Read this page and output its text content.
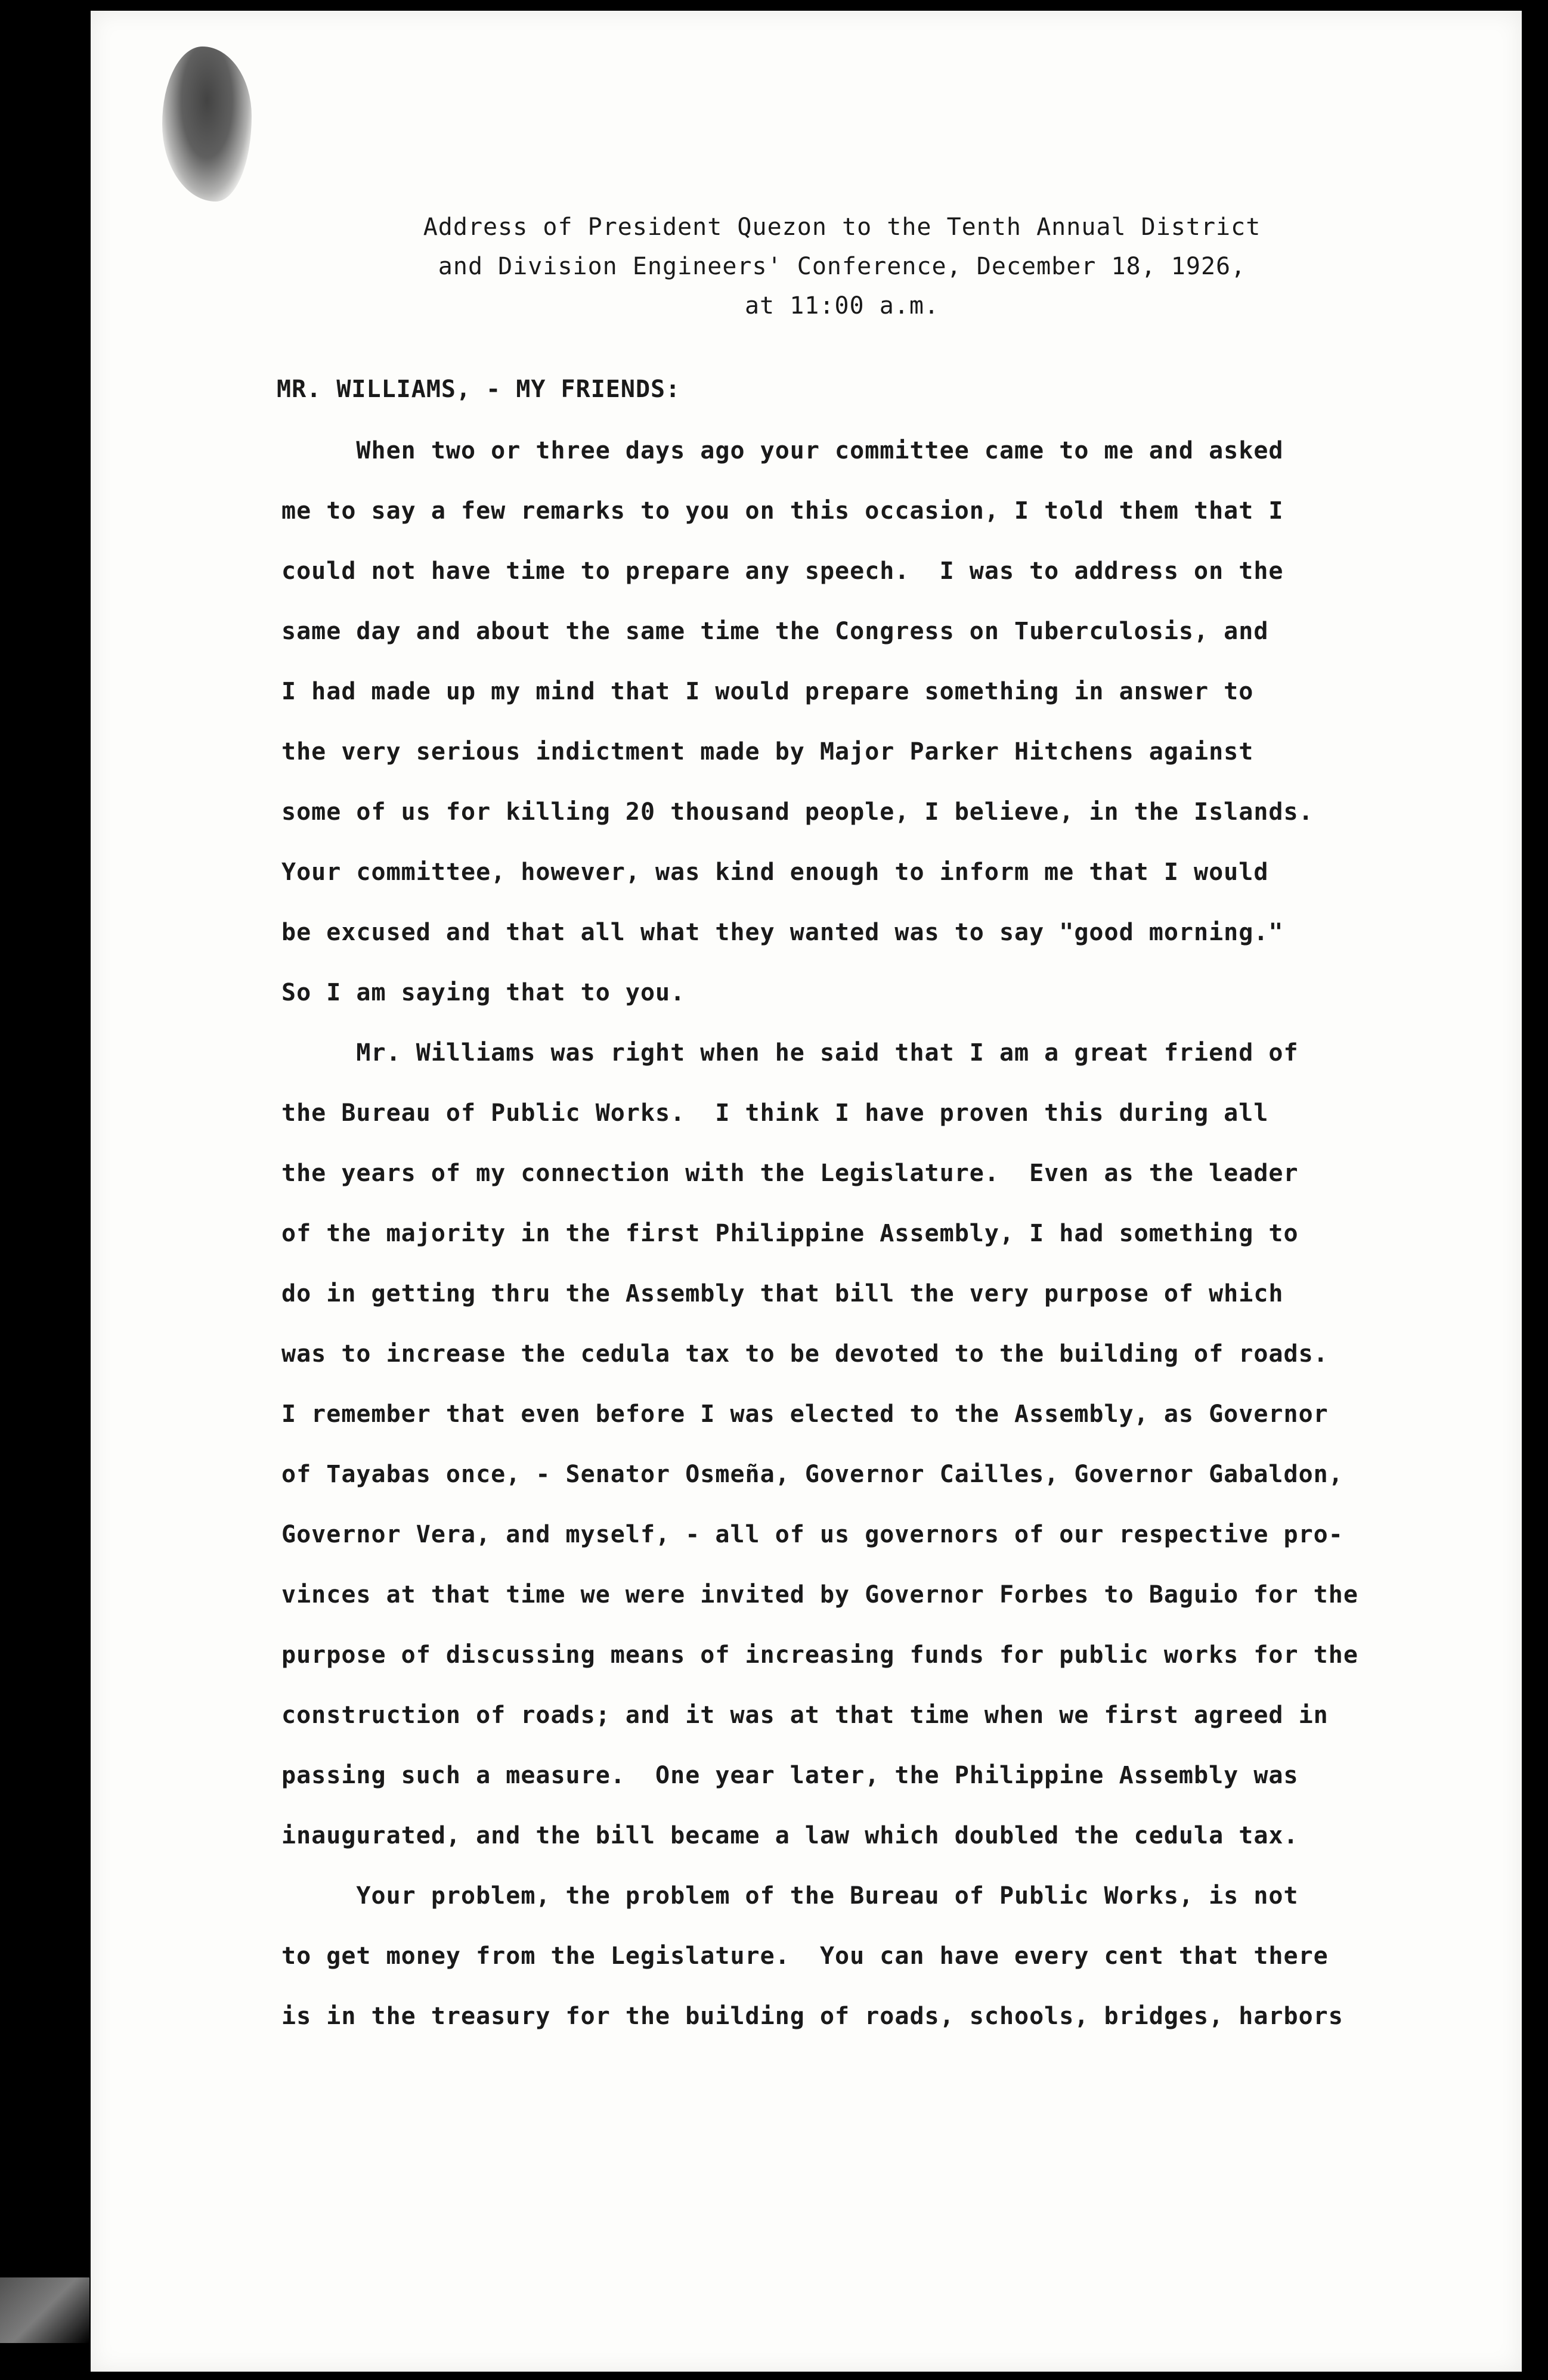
Address of President Quezon to the Tenth Annual District
and Division Engineers' Conference, December 18, 1926,
at 11:00 a.m.
MR. WILLIAMS, - MY FRIENDS:
When two or three days ago your committee came to me and asked
me to say a few remarks to you on this occasion, I told them that I
could not have time to prepare any speech.  I was to address on the
same day and about the same time the Congress on Tuberculosis, and
I had made up my mind that I would prepare something in answer to
the very serious indictment made by Major Parker Hitchens against
some of us for killing 20 thousand people, I believe, in the Islands.
Your committee, however, was kind enough to inform me that I would
be excused and that all what they wanted was to say "good morning."
So I am saying that to you.
Mr. Williams was right when he said that I am a great friend of
the Bureau of Public Works.  I think I have proven this during all
the years of my connection with the Legislature.  Even as the leader
of the majority in the first Philippine Assembly, I had something to
do in getting thru the Assembly that bill the very purpose of which
was to increase the cedula tax to be devoted to the building of roads.
I remember that even before I was elected to the Assembly, as Governor
of Tayabas once, - Senator Osmeña, Governor Cailles, Governor Gabaldon,
Governor Vera, and myself, - all of us governors of our respective pro-
vinces at that time we were invited by Governor Forbes to Baguio for the
purpose of discussing means of increasing funds for public works for the
construction of roads; and it was at that time when we first agreed in
passing such a measure.  One year later, the Philippine Assembly was
inaugurated, and the bill became a law which doubled the cedula tax.
Your problem, the problem of the Bureau of Public Works, is not
to get money from the Legislature.  You can have every cent that there
is in the treasury for the building of roads, schools, bridges, harbors
